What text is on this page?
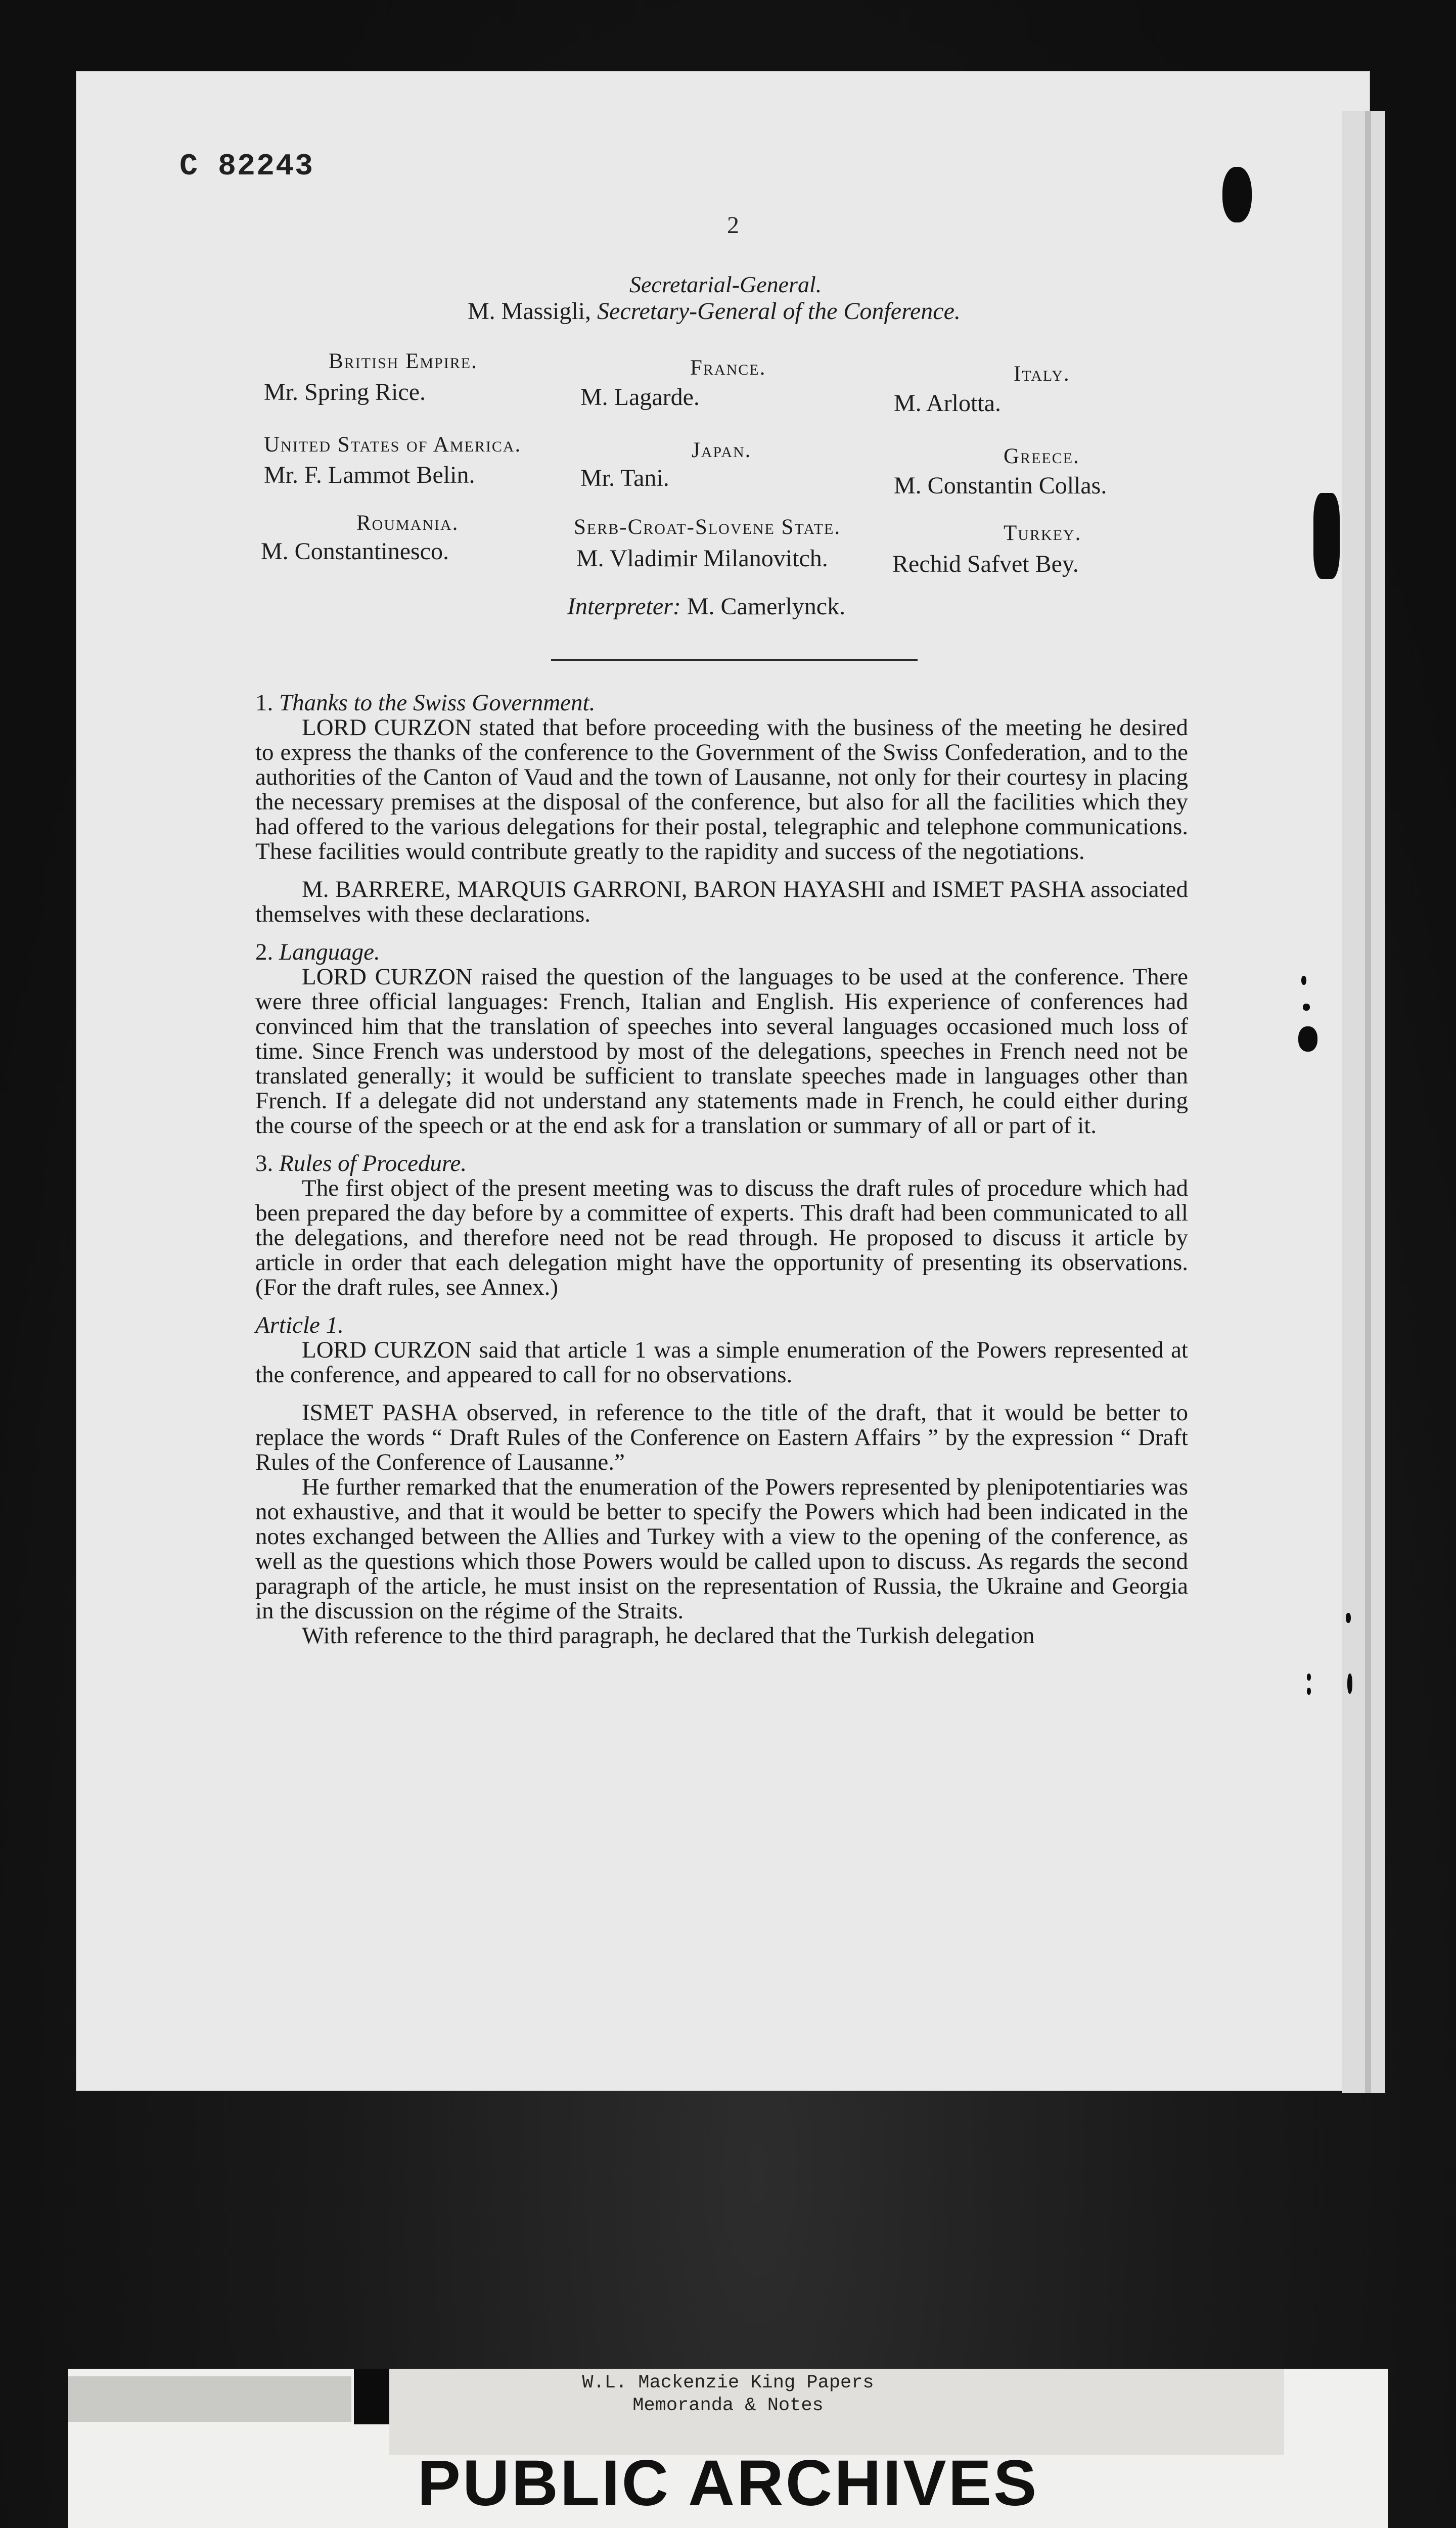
C 82243
2
Secretarial-General.
M. Massigli, Secretary-General of the Conference.
British Empire.
Mr. Spring Rice.
France.
M. Lagarde.
Italy.
M. Arlotta.
United States of America.
Mr. F. Lammot Belin.
Japan.
Mr. Tani.
Greece.
M. Constantin Collas.
Roumania.
M. Constantinesco.
Serb-Croat-Slovene State.
M. Vladimir Milanovitch.
Turkey.
Rechid Safvet Bey.
Interpreter: M. Camerlynck.

1. Thanks to the Swiss Government.

LORD CURZON stated that before proceeding with the business of the meeting he desired to express the thanks of the conference to the Government of the Swiss Confederation, and to the authorities of the Canton of Vaud and the town of Lausanne, not only for their courtesy in placing the necessary premises at the disposal of the conference, but also for all the facilities which they had offered to the various delegations for their postal, telegraphic and telephone communications. These facilities would contribute greatly to the rapidity and success of the negotiations.

M. BARRERE, MARQUIS GARRONI, BARON HAYASHI and ISMET PASHA associated themselves with these declarations.

2. Language.

LORD CURZON raised the question of the languages to be used at the conference. There were three official languages: French, Italian and English. His experience of conferences had convinced him that the translation of speeches into several languages occasioned much loss of time. Since French was understood by most of the delegations, speeches in French need not be translated generally; it would be sufficient to translate speeches made in languages other than French. If a delegate did not understand any statements made in French, he could either during the course of the speech or at the end ask for a translation or summary of all or part of it.

3. Rules of Procedure.

The first object of the present meeting was to discuss the draft rules of procedure which had been prepared the day before by a committee of experts. This draft had been communicated to all the delegations, and therefore need not be read through. He proposed to discuss it article by article in order that each delegation might have the opportunity of presenting its observations. (For the draft rules, see Annex.)

Article 1.

LORD CURZON said that article 1 was a simple enumeration of the Powers represented at the conference, and appeared to call for no observations.

ISMET PASHA observed, in reference to the title of the draft, that it would be better to replace the words “ Draft Rules of the Conference on Eastern Affairs ” by the expression “ Draft Rules of the Conference of Lausanne.”

He further remarked that the enumeration of the Powers represented by plenipotentiaries was not exhaustive, and that it would be better to specify the Powers which had been indicated in the notes exchanged between the Allies and Turkey with a view to the opening of the conference, as well as the questions which those Powers would be called upon to discuss. As regards the second paragraph of the article, he must insist on the representation of Russia, the Ukraine and Georgia in the discussion on the régime of the Straits.

With reference to the third paragraph, he declared that the Turkish delegation

W.L. Mackenzie King Papers
Memoranda & Notes
PUBLIC ARCHIVES
